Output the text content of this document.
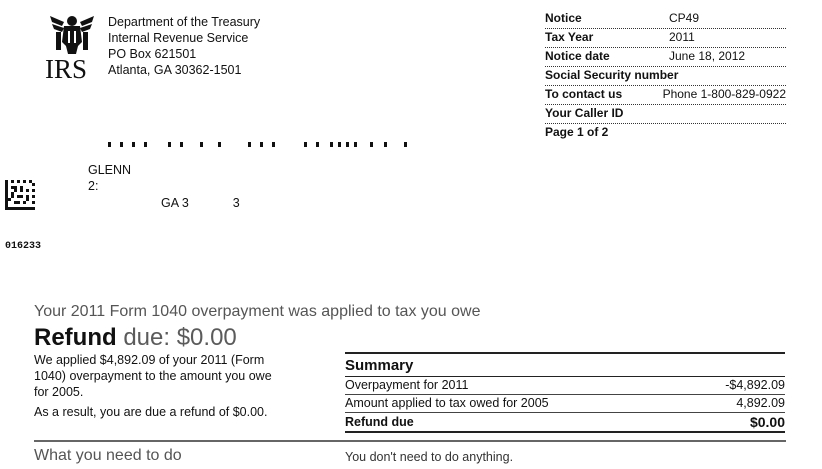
IRS
Department of the Treasury
Internal Revenue Service
PO Box 621501
Atlanta, GA 30362-1501
Notice	CP49
Tax Year	2011
Notice date	June 18, 2012
Social Security number
To contact us	Phone 1-800-829-0922
Your Caller ID
Page 1 of 2
GLENN
2:
GA 3	3
016233
Your 2011 Form 1040 overpayment was applied to tax you owe
Refund due: $0.00

We applied $4,892.09 of your 2011 (Form 1040) overpayment to the amount you owe for 2005.

As a result, you are due a refund of $0.00.

Summary
Overpayment for 2011	-$4,892.09
Amount applied to tax owed for 2005	4,892.09
Refund due	$0.00
What you need to do	You don't need to do anything.
